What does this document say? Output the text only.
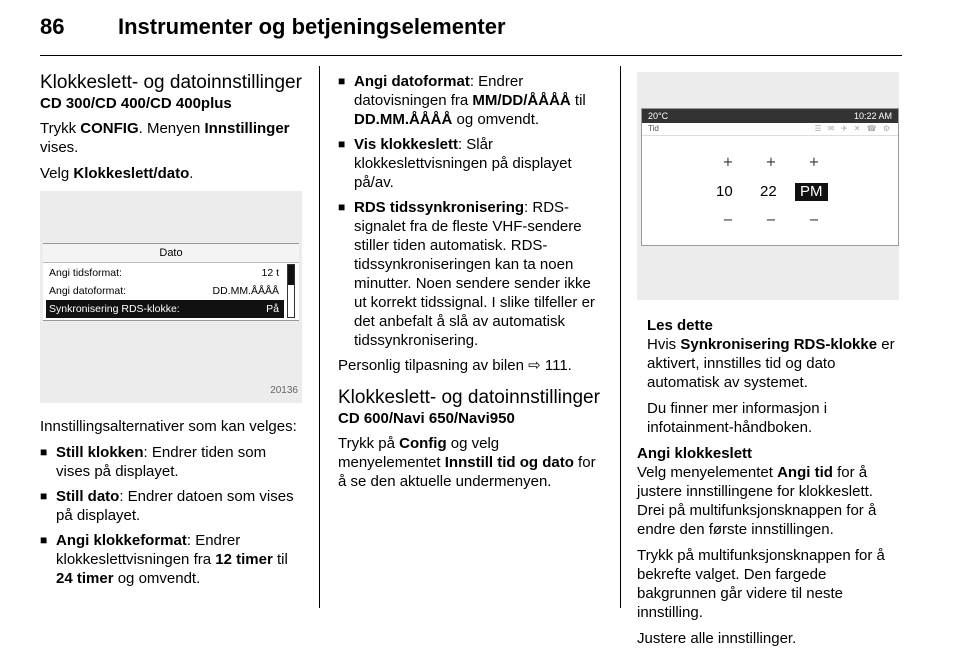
86 Instrumenter og betjeningselementer
Klokkeslett- og datoinnstillinger
CD 300/CD 400/CD 400plus

Trykk CONFIG. Menyen Innstillinger vises.

Velg Klokkeslett/dato.

Dato
Angi tidsformat:	12 t
Angi datoformat:	DD.MM.ÅÅÅÅ
Synkronisering RDS-klokke:	På
20136

Innstillingsalternativer som kan velges:

■ Still klokken: Endrer tiden som vises på displayet.
■ Still dato: Endrer datoen som vises på displayet.
■ Angi klokkeformat: Endrer klokkeslettvisningen fra 12 timer til 24 timer og omvendt.
■ Angi datoformat: Endrer datovisningen fra MM/DD/ÅÅÅÅ til DD.MM.ÅÅÅÅ og omvendt.
■ Vis klokkeslett: Slår klokkeslettvisningen på displayet på/av.
■ RDS tidssynkronisering: RDS-signalet fra de fleste VHF-sendere stiller tiden automatisk. RDS-tidssynkroniseringen kan ta noen minutter. Noen sendere sender ikke ut korrekt tidssignal. I slike tilfeller er det anbefalt å slå av automatisk tidssynkronisering.

Personlig tilpasning av bilen ⇨ 111.

Klokkeslett- og datoinnstillinger
CD 600/Navi 650/Navi950

Trykk på Config og velg menyelementet Innstill tid og dato for å se den aktuelle undermenyen.

20°C	10:22 AM
Tid	☰ ✉ ✈ ✕ ☎ ⚙
+	+	+
10 22	PM
−	−	−
Les dette

Hvis Synkronisering RDS-klokke er aktivert, innstilles tid og dato automatisk av systemet.

Du finner mer informasjon i infotainment-håndboken.

Angi klokkeslett

Velg menyelementet Angi tid for å justere innstillingene for klokkeslett. Drei på multifunksjonsknappen for å endre den første innstillingen.

Trykk på multifunksjonsknappen for å bekrefte valget. Den fargede bakgrunnen går videre til neste innstilling.

Justere alle innstillinger.
